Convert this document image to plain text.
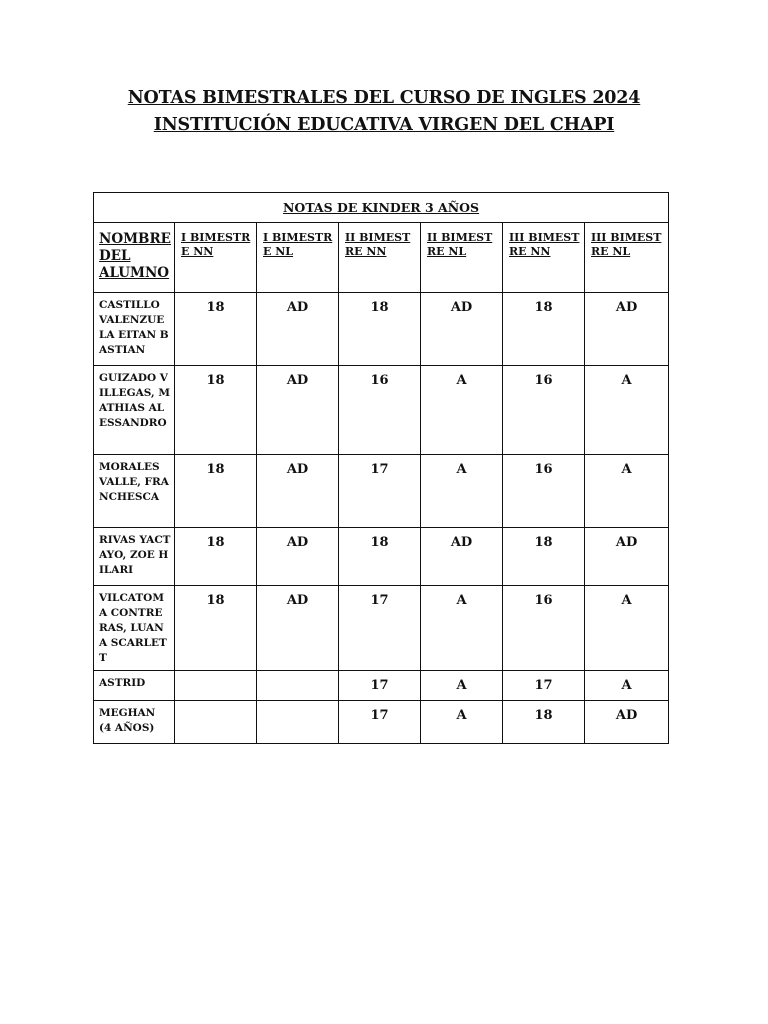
NOTAS BIMESTRALES DEL CURSO DE INGLES 2024
INSTITUCIÓN EDUCATIVA VIRGEN DEL CHAPI
NOTAS DE KINDER 3 AÑOS						
NOMBRE DEL ALUMNO	I BIMESTRE NN	I BIMESTRE NL	II BIMESTRE NN	II BIMESTRE NL	III BIMESTRE NN	III BIMESTRE NL
CASTILLO VALENZUELA EITAN BASTIAN	18	AD	18	AD	18	AD
GUIZADO VILLEGAS, MATHIAS ALESSANDRO	18	AD	16	A	16	A
MORALES VALLE, FRANCHESCA	18	AD	17	A	16	A
RIVAS YACTAYO, ZOE HILARI	18	AD	18	AD	18	AD
VILCATOMA CONTRERAS, LUANA SCARLETT	18	AD	17	A	16	A
ASTRID			17	A	17	A
MEGHAN (4 AÑOS)			17	A	18	AD
